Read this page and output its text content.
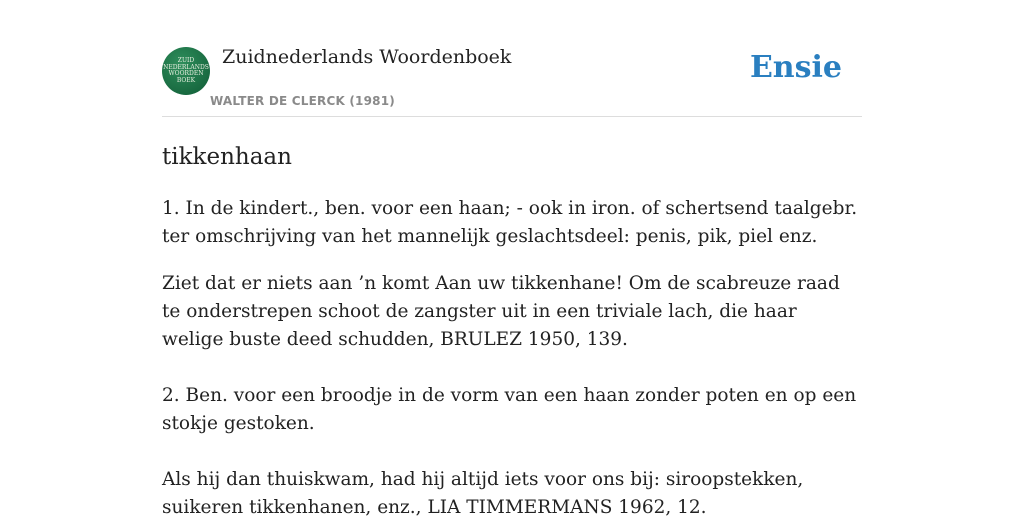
ZUID
NEDERLANDS
WOORDEN
BOEK
Zuidnederlands Woordenboek
WALTER DE CLERCK (1981)
Ensie
tikkenhaan

1. In de kindert., ben. voor een haan; - ook in iron. of schertsend taalgebr. ter omschrijving van het mannelijk geslachtsdeel: penis, pik, piel enz.

Ziet dat er niets aan ’n komt Aan uw tikkenhane! Om de scabreuze raad te onderstrepen schoot de zangster uit in een triviale lach, die haar welige buste deed schudden, BRULEZ 1950, 139.

2. Ben. voor een broodje in de vorm van een haan zonder poten en op een stokje gestoken.

Als hij dan thuiskwam, had hij altijd iets voor ons bij: siroopstekken, suikeren tikkenhanen, enz., LIA TIMMERMANS 1962, 12.
